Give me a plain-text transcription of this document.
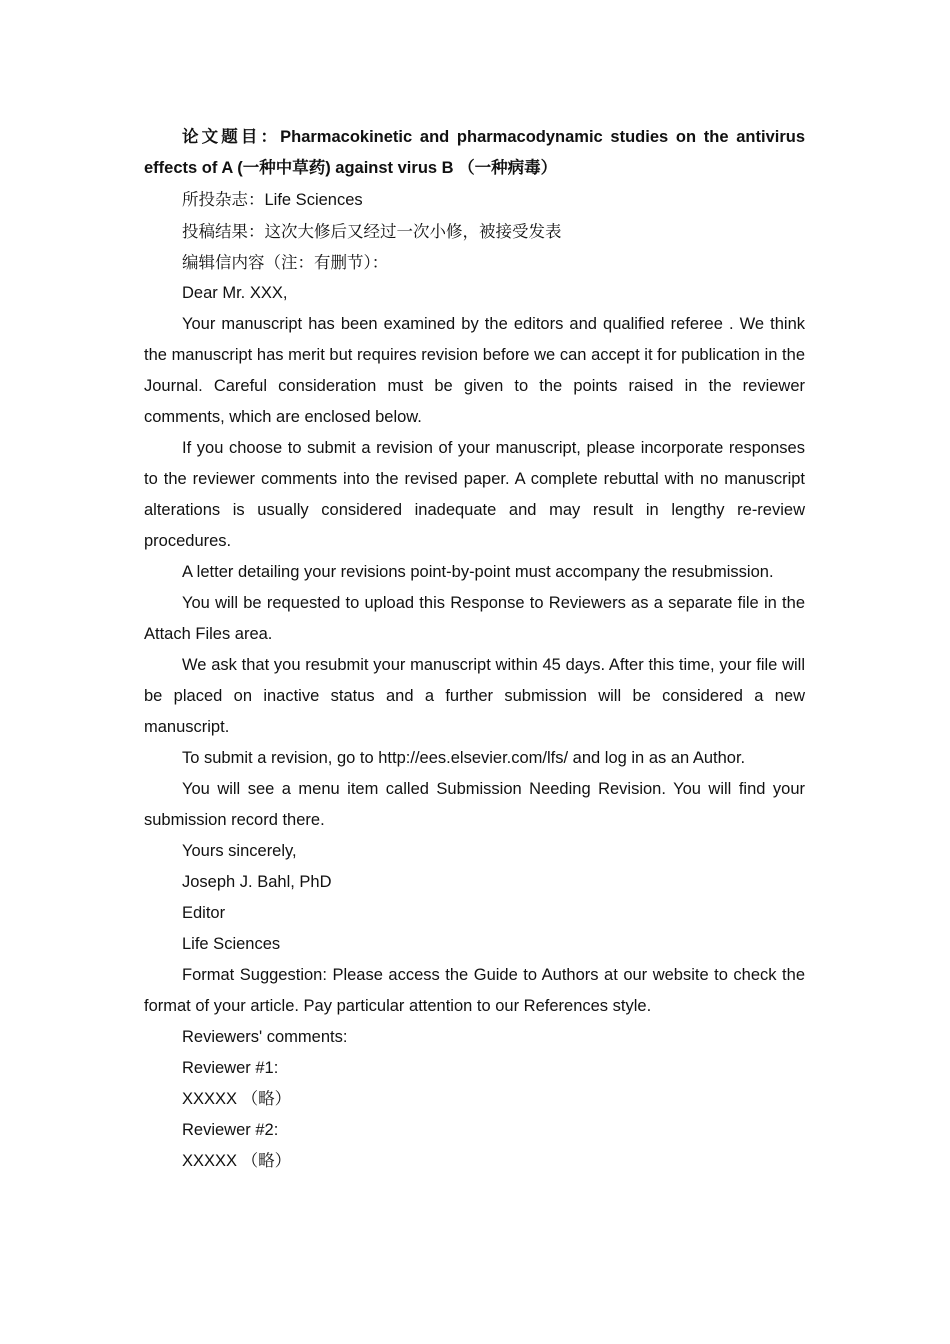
论文题目：Pharmacokinetic and pharmacodynamic studies on the antivirus effects of A (一种中草药) against virus B （一种病毒）

所投杂志：Life Sciences

投稿结果：这次大修后又经过一次小修，被接受发表

编辑信内容（注：有删节）：

Dear Mr. XXX,

Your manuscript has been examined by the editors and qualified referee . We think the manuscript has merit but requires revision before we can accept it for publication in the Journal. Careful consideration must be given to the points raised in the reviewer comments, which are enclosed below.

If you choose to submit a revision of your manuscript, please incorporate responses to the reviewer comments into the revised paper. A complete rebuttal with no manuscript alterations is usually considered inadequate and may result in lengthy re-review procedures.

A letter detailing your revisions point-by-point must accompany the resubmission.

You will be requested to upload this Response to Reviewers as a separate file in the Attach Files area.

We ask that you resubmit your manuscript within 45 days. After this time, your file will be placed on inactive status and a further submission will be considered a new manuscript.

To submit a revision, go to http://ees.elsevier.com/lfs/ and log in as an Author.

You will see a menu item called Submission Needing Revision. You will find your submission record there.

Yours sincerely,

Joseph J. Bahl, PhD

Editor

Life Sciences

Format Suggestion: Please access the Guide to Authors at our website to check the format of your article. Pay particular attention to our References style.

Reviewers' comments:

Reviewer #1:

XXXXX （略）

Reviewer #2:

XXXXX （略）
